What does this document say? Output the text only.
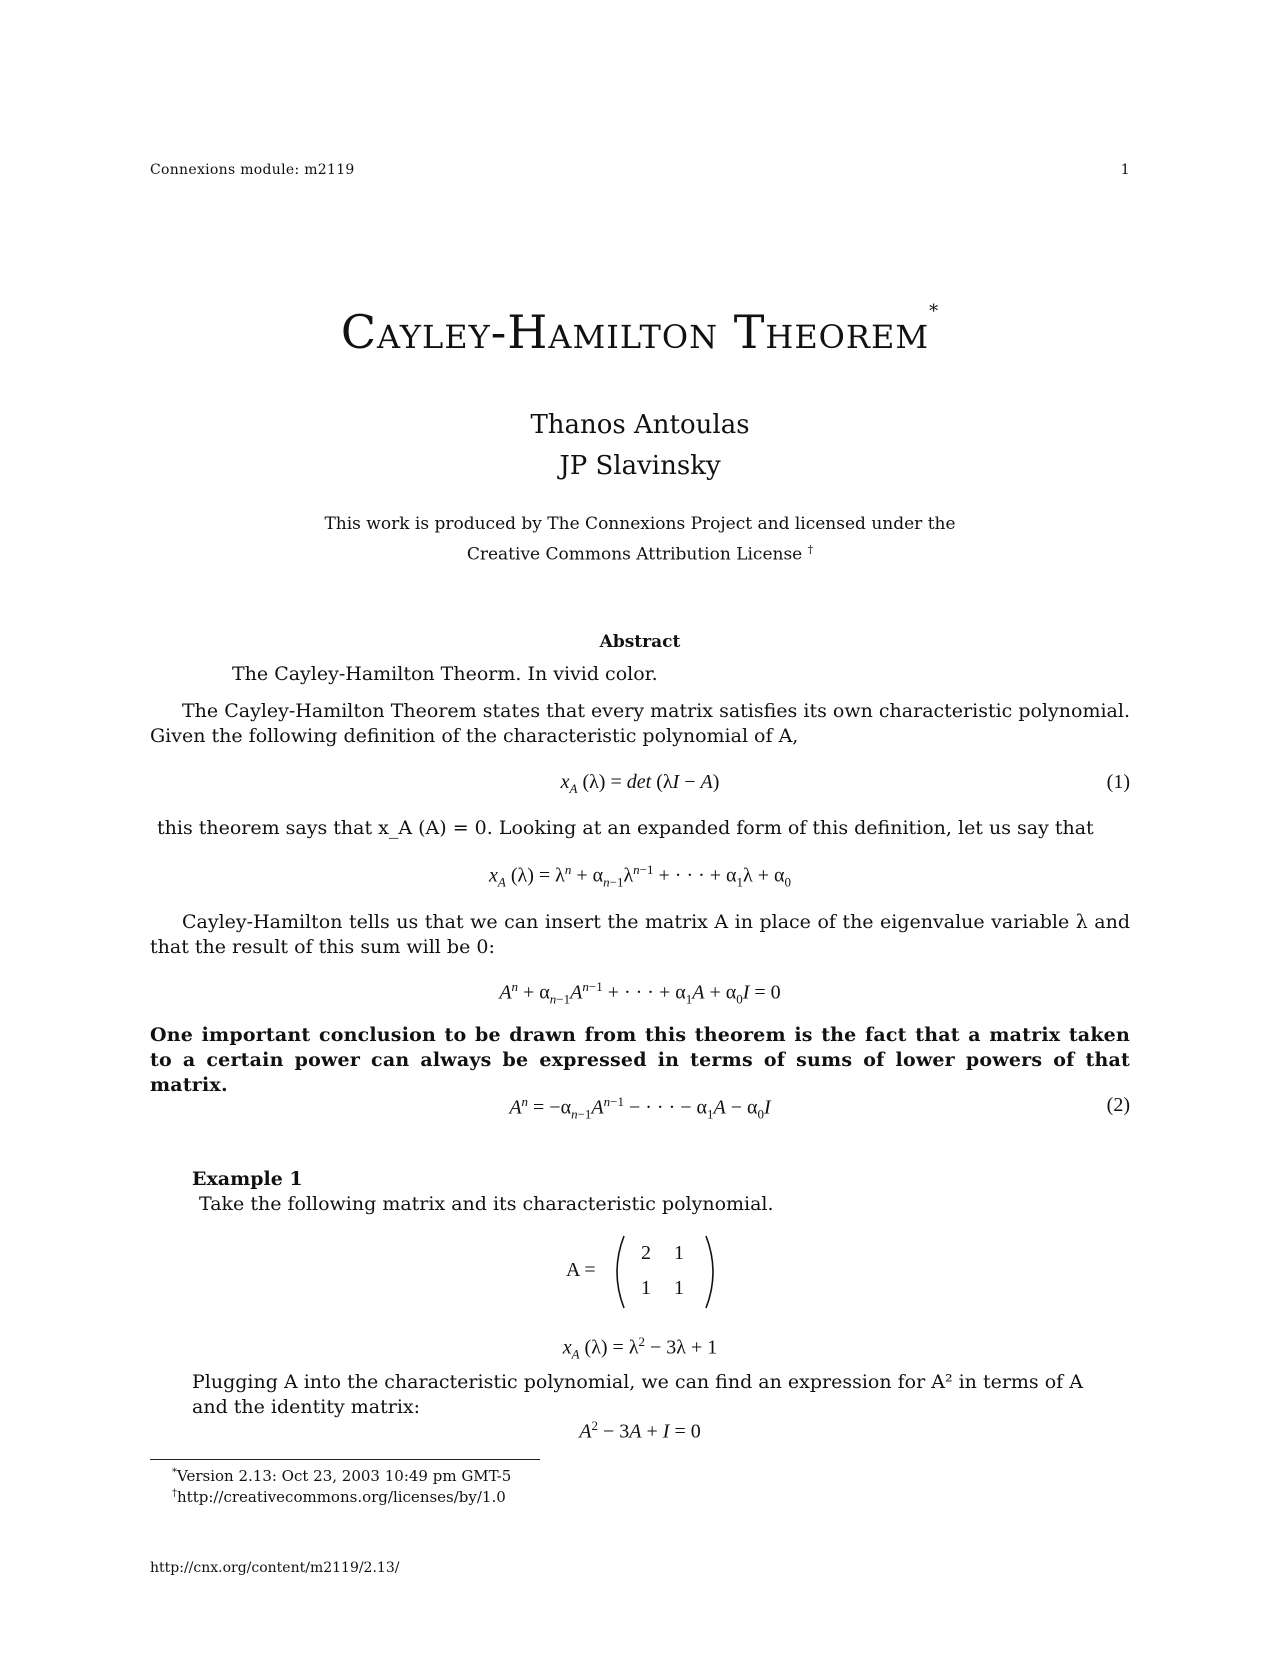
Connexions module: m2119	1
Cayley-Hamilton Theorem*
Thanos Antoulas
JP Slavinsky
This work is produced by The Connexions Project and licensed under the
Creative Commons Attribution License †
Abstract
The Cayley-Hamilton Theorm. In vivid color.
The Cayley-Hamilton Theorem states that every matrix satisfies its own characteristic polynomial. Given the following definition of the characteristic polynomial of A,
$x_A$ (λ) = det (λI − A)	(1)
this theorem says that x_A (A) = 0. Looking at an expanded form of this definition, let us say that
$x_A$ $(\lambda) = \lambda^n + \alpha_{n-1}\lambda^{n-1}$ + · · · + $\alpha_1\lambda + \alpha_0$
Cayley-Hamilton tells us that we can insert the matrix A in place of the eigenvalue variable λ and that the result of this sum will be 0:
$A^n + \alpha_{n-1}A^{n-1}$ + · · · + $\alpha_1A + \alpha_0I = 0$
One important conclusion to be drawn from this theorem is the fact that a matrix taken to a certain power can always be expressed in terms of sums of lower powers of that matrix.
$A^n = -\alpha_{n-1}A^{n-1}$ − · · · − $\alpha_1A - \alpha_0I$	(2)
Example 1
Take the following matrix and its characteristic polynomial.
A =
2 1
1 1
$x_A$ $(\lambda) = \lambda^2 - 3\lambda + 1$
Plugging A into the characteristic polynomial, we can find an expression for A² in terms of A and the identity matrix:
$A^2 - 3A + I = 0$
*Version 2.13: Oct 23, 2003 10:49 pm GMT-5
†http://creativecommons.org/licenses/by/1.0
http://cnx.org/content/m2119/2.13/
